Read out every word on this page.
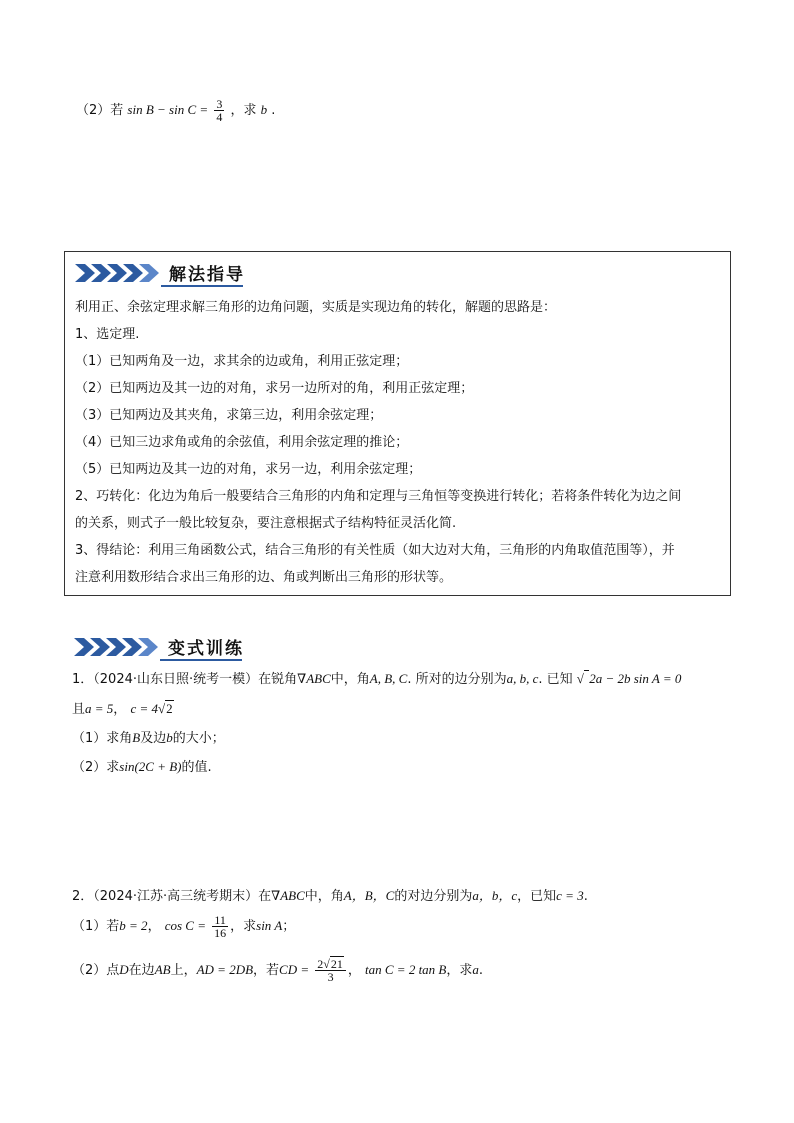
（2）若 $\sin B - \sin C = \frac{3}{4}$ ，求 b .
解法指导
利用正、余弦定理求解三角形的边角问题，实质是实现边角的转化，解题的思路是：
1、选定理.
（1）已知两角及一边，求其余的边或角，利用正弦定理；
（2）已知两边及其一边的对角，求另一边所对的角，利用正弦定理；
（3）已知两边及其夹角，求第三边，利用余弦定理；
（4）已知三边求角或角的余弦值，利用余弦定理的推论；
（5）已知两边及其一边的对角，求另一边，利用余弦定理；
2、巧转化：化边为角后一般要结合三角形的内角和定理与三角恒等变换进行转化；若将条件转化为边之间
的关系，则式子一般比较复杂，要注意根据式子结构特征灵活化简.
3、得结论：利用三角函数公式，结合三角形的有关性质（如大边对大角，三角形的内角取值范围等），并
注意利用数形结合求出三角形的边、角或判断出三角形的形状等。
变式训练
1．（2024·山东日照·统考一模）在锐角∇ABC中，角A, B, C. 所对的边分别为a, b, c. 已知 √ 2a − 2b sin A = 0
且a = 5， c = 4√2
（1）求角B及边b的大小；
（2）求sin(2C + B)的值.
2．（2024·江苏·高三统考期末）在∇ABC中，角A，B，C的对边分别为a，b，c，已知c = 3.
（1）若b = 2， $\cos C = \frac{11}{16}$ ，求sin A；
（2）点D在边AB上，AD = 2DB，若CD = $\frac{2√21}{3}$ ， tan C = 2 tan B，求a.
